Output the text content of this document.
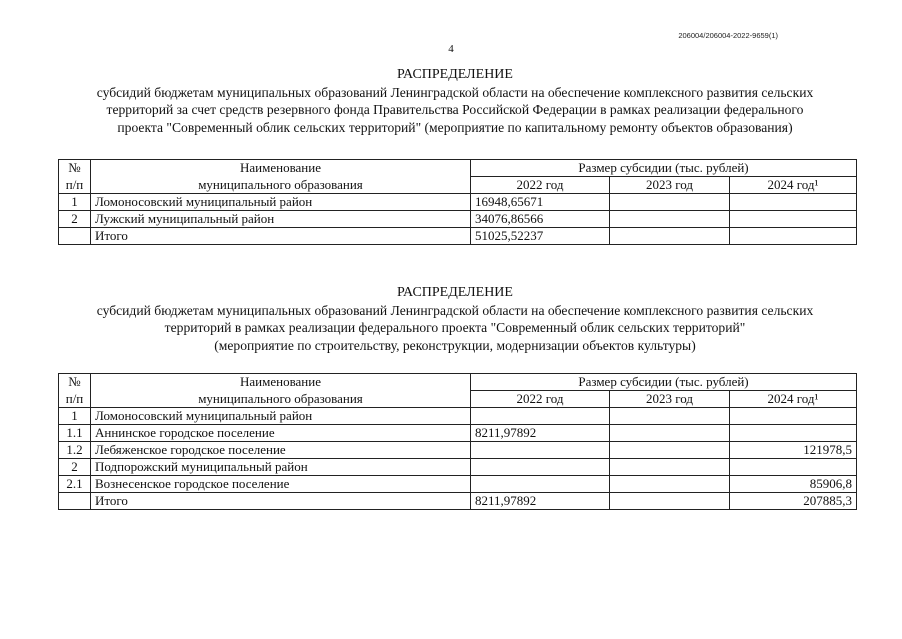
206004/206004-2022-9659(1)
4
РАСПРЕДЕЛЕНИЕ
субсидий бюджетам муниципальных образований Ленинградской области на обеспечение комплексного развития сельских
территорий за счет средств резервного фонда Правительства Российской Федерации в рамках реализации федерального
проекта "Современный облик сельских территорий" (мероприятие по капитальному ремонту объектов образования)
№	Наименование	Размер субсидии (тыс. рублей)		
п/п	муниципального образования	2022 год	2023 год	2024 год¹
1	Ломоносовский муниципальный район	16948,65671		
2	Лужский муниципальный район	34076,86566		
	Итого	51025,52237		
РАСПРЕДЕЛЕНИЕ
субсидий бюджетам муниципальных образований Ленинградской области на обеспечение комплексного развития сельских
территорий в рамках реализации федерального проекта "Современный облик сельских территорий"
(мероприятие по строительству, реконструкции, модернизации объектов культуры)
№	Наименование	Размер субсидии (тыс. рублей)		
п/п	муниципального образования	2022 год	2023 год	2024 год¹
1	Ломоносовский муниципальный район			
1.1	Аннинское городское поселение	8211,97892		
1.2	Лебяженское городское поселение			121978,5
2	Подпорожский муниципальный район			
2.1	Вознесенское городское поселение			85906,8
	Итого	8211,97892		207885,3
